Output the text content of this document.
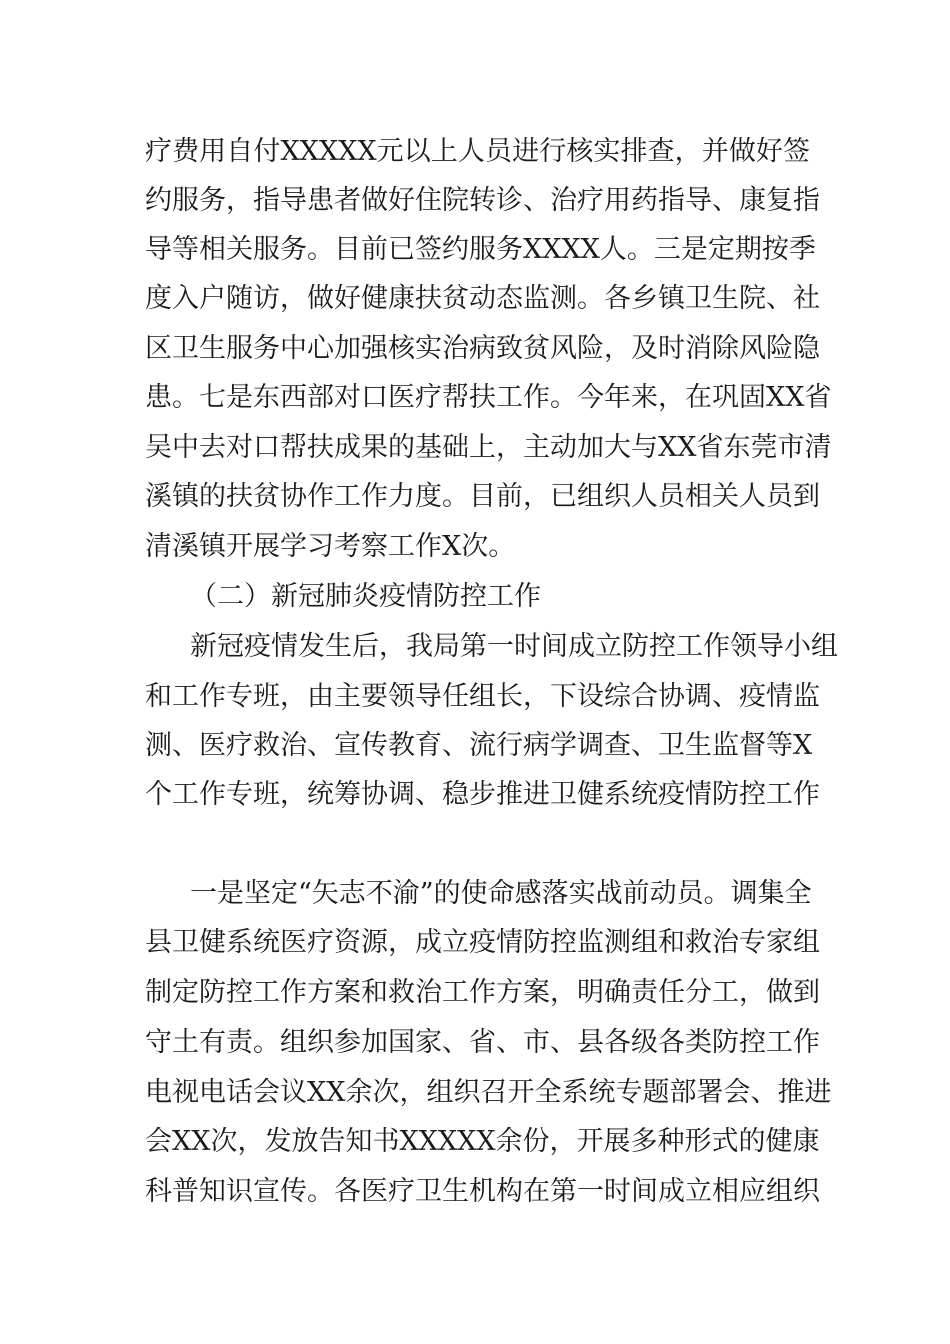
疗费用自付XXXXX元以上人员进行核实排查，并做好签

约服务，指导患者做好住院转诊、治疗用药指导、康复指

导等相关服务。目前已签约服务XXXX人。三是定期按季

度入户随访，做好健康扶贫动态监测。各乡镇卫生院、社

区卫生服务中心加强核实治病致贫风险，及时消除风险隐

患。七是东西部对口医疗帮扶工作。今年来，在巩固XX省

吴中去对口帮扶成果的基础上，主动加大与XX省东莞市清

溪镇的扶贫协作工作力度。目前，已组织人员相关人员到

清溪镇开展学习考察工作X次。

（二）新冠肺炎疫情防控工作

新冠疫情发生后，我局第一时间成立防控工作领导小组

和工作专班，由主要领导任组长，下设综合协调、疫情监

测、医疗救治、宣传教育、流行病学调查、卫生监督等X

个工作专班，统筹协调、稳步推进卫健系统疫情防控工作

一是坚定“矢志不渝”的使命感落实战前动员。调集全

县卫健系统医疗资源，成立疫情防控监测组和救治专家组

制定防控工作方案和救治工作方案，明确责任分工，做到

守土有责。组织参加国家、省、市、县各级各类防控工作

电视电话会议XX余次，组织召开全系统专题部署会、推进

会XX次，发放告知书XXXXX余份，开展多种形式的健康

科普知识宣传。各医疗卫生机构在第一时间成立相应组织
